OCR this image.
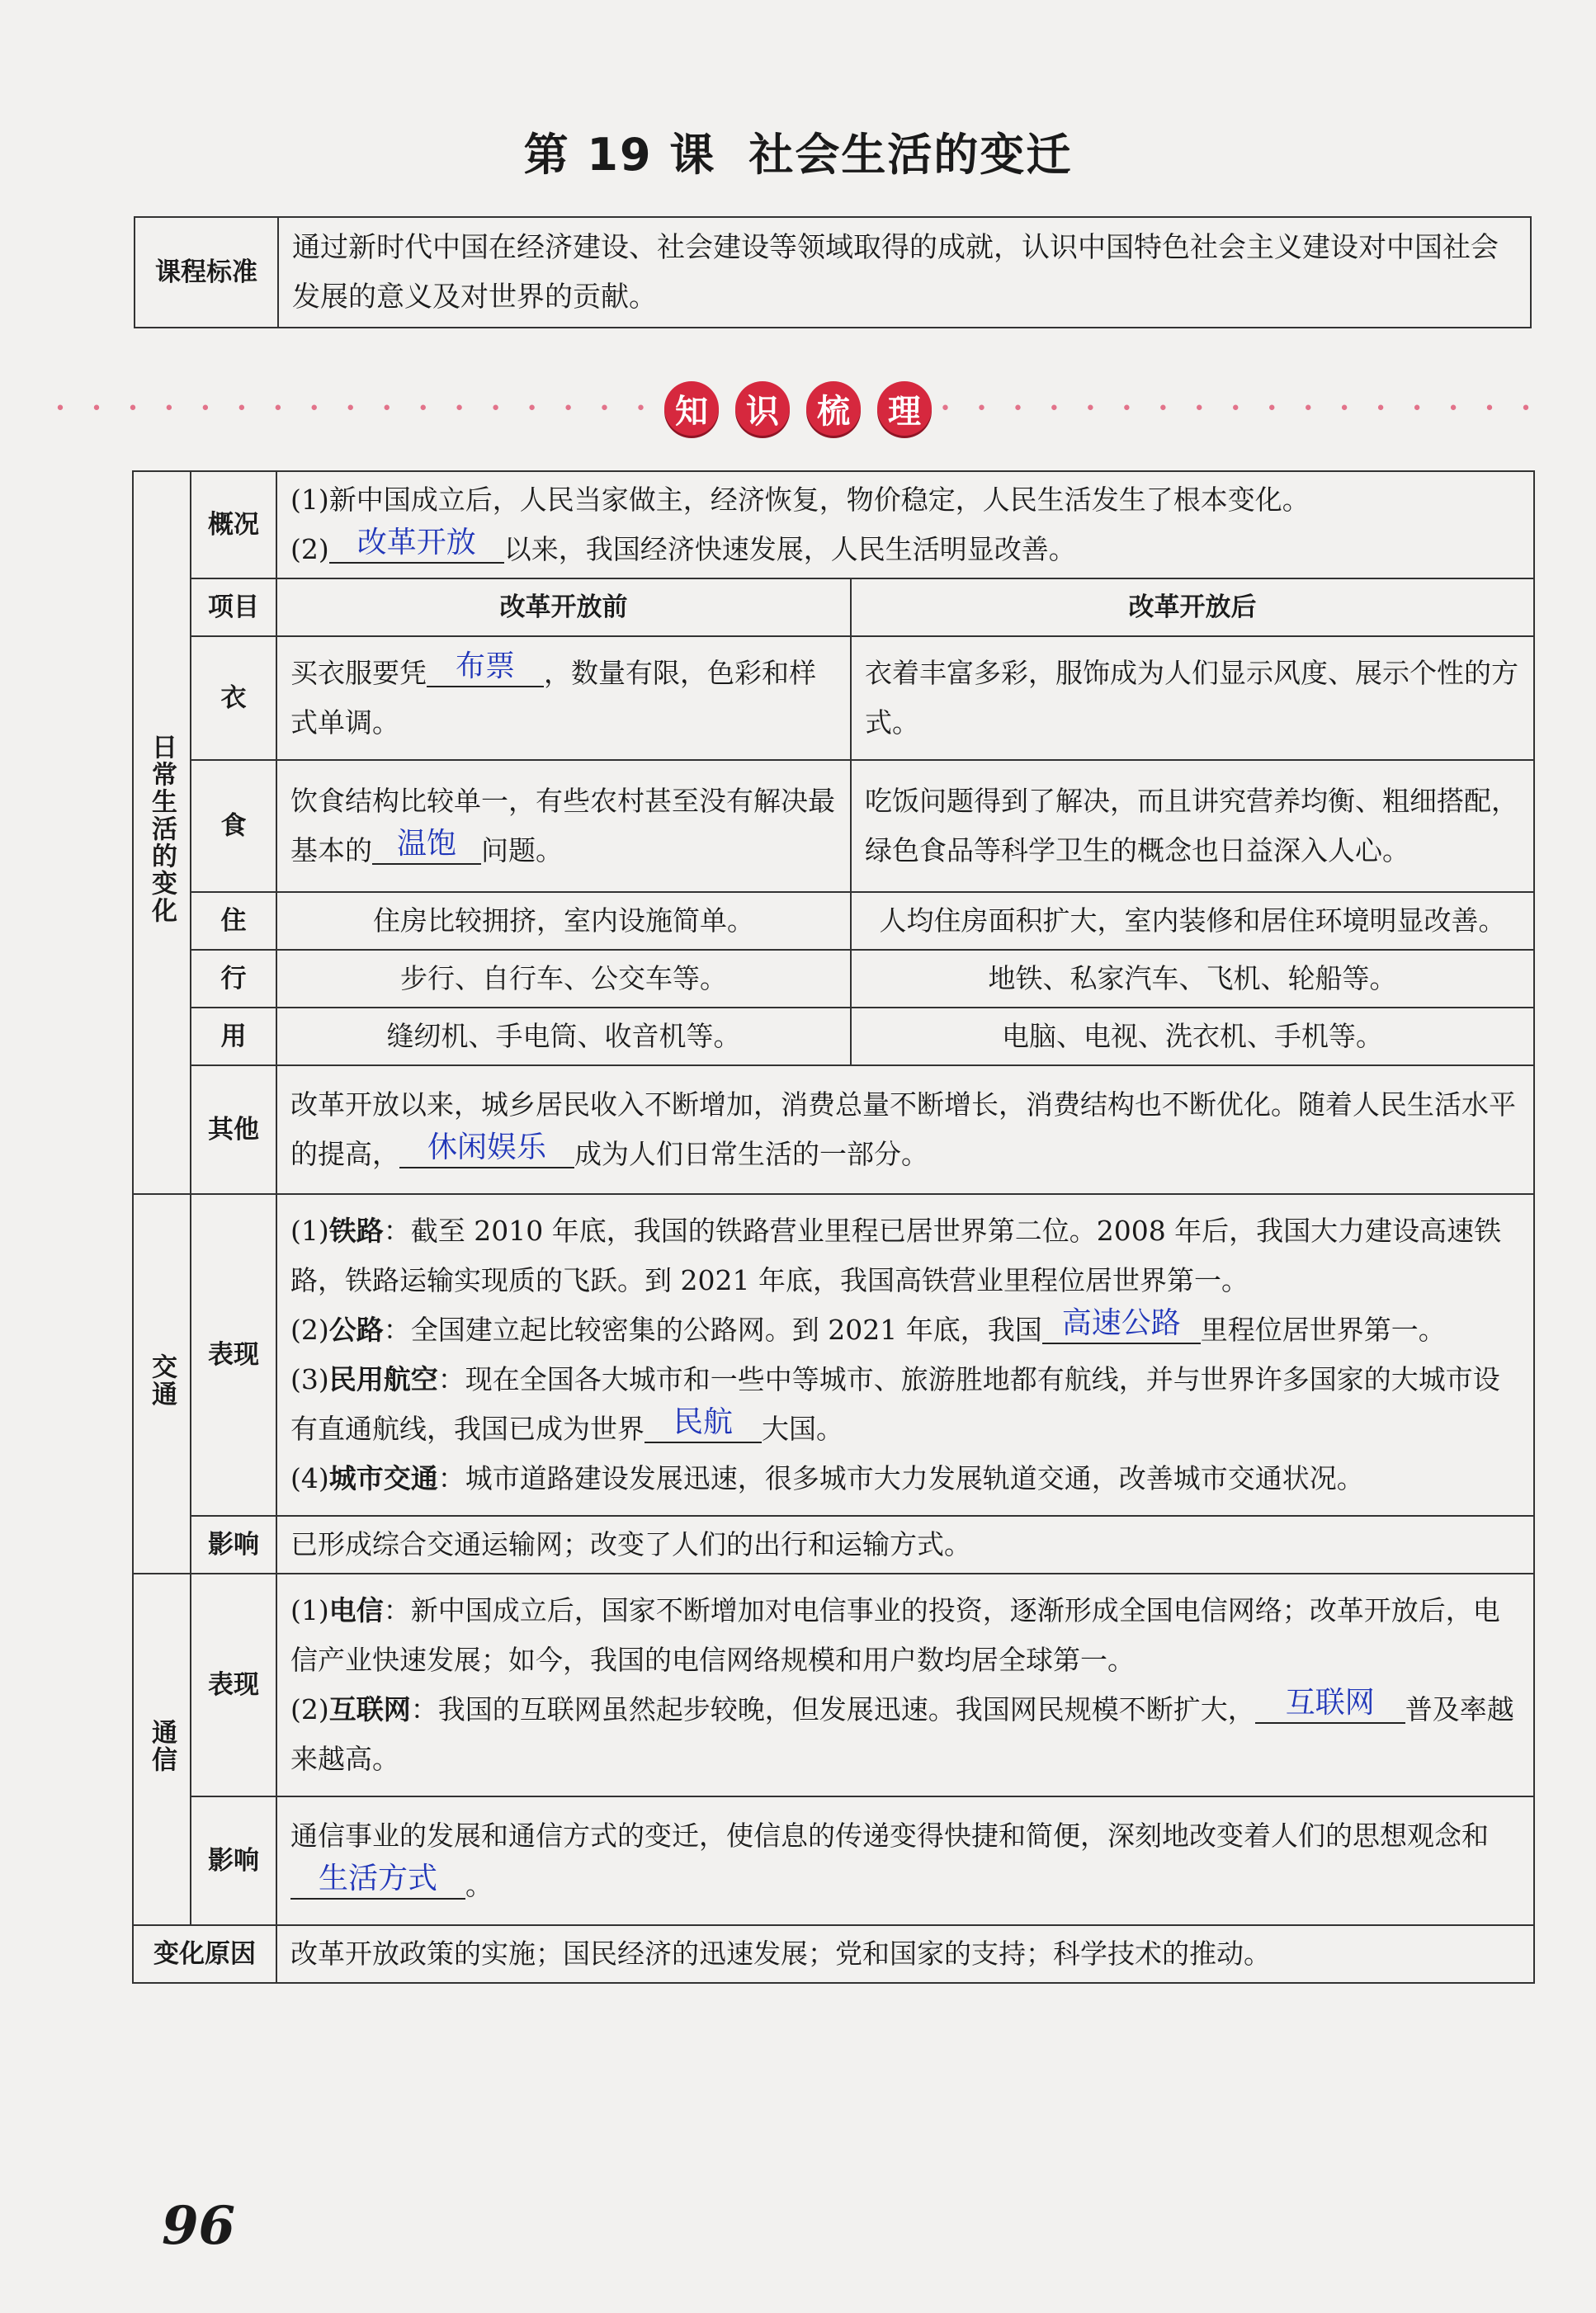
第 19 课 社会生活的变迁
课程标准	通过新时代中国在经济建设、社会建设等领域取得的成就，认识中国特色社会主义建设对中国社会发展的意义及对世界的贡献。
• • • • • • • • • • • • • • • • • 知	识	梳	理	• • • • • • • • • • • • • • • • •
日常生活的变化	概况	(1)新中国成立后，人民当家做主，经济恢复，物价稳定，人民生活发生了根本变化。
(2) 改革开放 以来，我国经济快速发展，人民生活明显改善。	

	项目	改革开放前	改革开放后
	衣	买衣服要凭 布票 ，数量有限，色彩和样式单调。	衣着丰富多彩，服饰成为人们显示风度、展示个性的方式。
	食	饮食结构比较单一，有些农村甚至没有解决最基本的 温饱 问题。	吃饭问题得到了解决，而且讲究营养均衡、粗细搭配，绿色食品等科学卫生的概念也日益深入人心。
	住	住房比较拥挤，室内设施简单。	人均住房面积扩大，室内装修和居住环境明显改善。
	行	步行、自行车、公交车等。	地铁、私家汽车、飞机、轮船等。
	用	缝纫机、手电筒、收音机等。	电脑、电视、洗衣机、手机等。
	其他	改革开放以来，城乡居民收入不断增加，消费总量不断增长，消费结构也不断优化。随着人民生活水平的提高， 休闲娱乐 成为人们日常生活的一部分。	
交通	表现	(1)铁路：截至 2010 年底，我国的铁路营业里程已居世界第二位。2008 年后，我国大力建设高速铁路，铁路运输实现质的飞跃。到 2021 年底，我国高铁营业里程位居世界第一。
(2)公路：全国建立起比较密集的公路网。到 2021 年底，我国 高速公路 里程位居世界第一。
(3)民用航空：现在全国各大城市和一些中等城市、旅游胜地都有航线，并与世界许多国家的大城市设有直通航线，我国已成为世界 民航 大国。
(4)城市交通：城市道路建设发展迅速，很多城市大力发展轨道交通，改善城市交通状况。	

	影响	已形成综合交通运输网；改变了人们的出行和运输方式。	
通信	表现	(1)电信：新中国成立后，国家不断增加对电信事业的投资，逐渐形成全国电信网络；改革开放后，电信产业快速发展；如今，我国的电信网络规模和用户数均居全球第一。
(2)互联网：我国的互联网虽然起步较晚，但发展迅速。我国网民规模不断扩大， 互联网 普及率越来越高。	

	影响	通信事业的发展和通信方式的变迁，使信息的传递变得快捷和简便，深刻地改变着人们的思想观念和生活方式 。	
变化原因		改革开放政策的实施；国民经济的迅速发展；党和国家的支持；科学技术的推动。	
96
